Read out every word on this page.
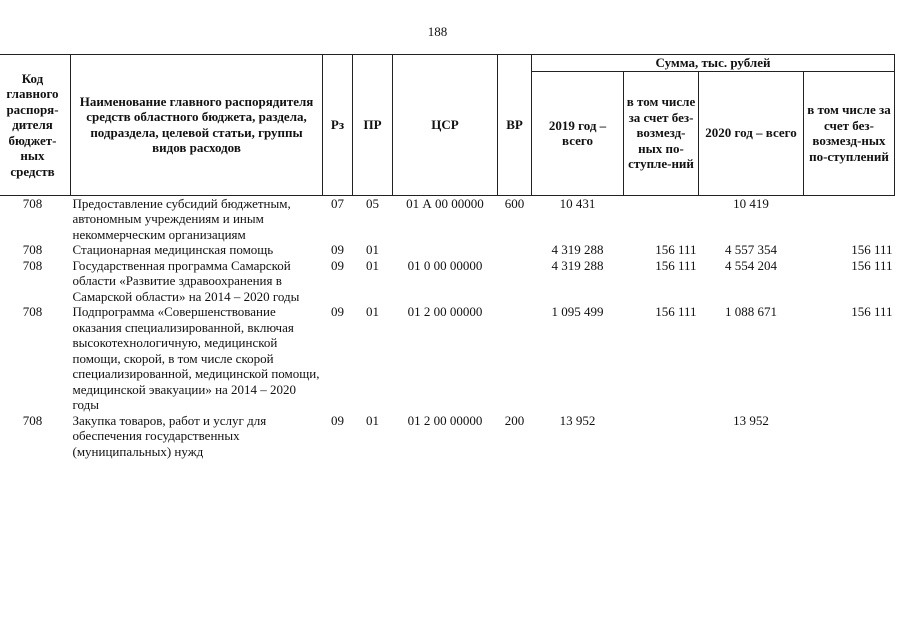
188
Код главного распоря-дителя бюджет-ных средств	Наименование главного распорядителя средств областного бюджета, раздела, подраздела, целевой статьи, группы видов расходов	Рз	ПР	ЦСР	ВР	Сумма, тыс. рублей			
						2019 год – всего	в том числе за счет без-возмезд-ных по-ступле-ний	2020 год – всего	в том числе за счет без-возмезд-ных по-ступлений
708	Предоставление субсидий бюджетным, автономным учреждениям и иным некоммерческим организациям	07	05	01 А 00 00000	600	10 431		10 419	
708	Стационарная медицинская помощь	09	01			4 319 288	156 111	4 557 354	156 111
708	Государственная программа Самарской области «Развитие здравоохранения в Самарской области» на 2014 – 2020 годы	09	01	01 0 00 00000		4 319 288	156 111	4 554 204	156 111
708	Подпрограмма «Совершенствование оказания специализированной, включая высокотехнологичную, медицинской помощи, скорой, в том числе скорой специализированной, медицинской помощи, медицинской эвакуации» на 2014 – 2020 годы	09	01	01 2 00 00000		1 095 499	156 111	1 088 671	156 111
708	Закупка товаров, работ и услуг для обеспечения государственных (муниципальных) нужд	09	01	01 2 00 00000	200	13 952		13 952	
